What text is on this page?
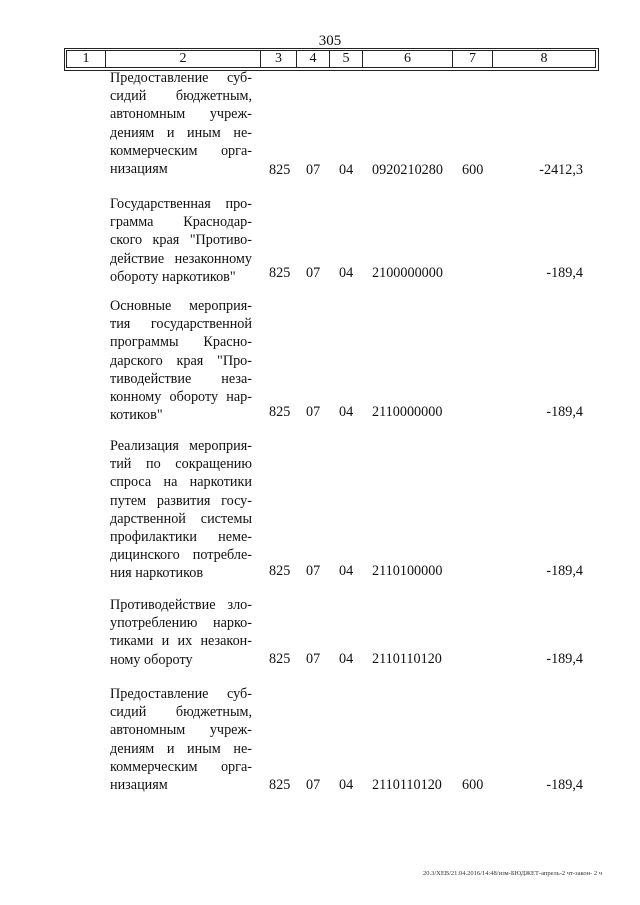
305
1	2	3	4	5	6	7	8
Предоставление суб-
сидий бюджетным,
автономным учреж-
дениям и иным не-
коммерческим орга-
низациям	825 07 04 0920210280 600	-2412,3
Государственная про-
грамма Краснодар-
ского края "Противо-
действие незаконному
обороту наркотиков"	825 07 04 2100000000	-189,4
Основные мероприя-
тия государственной
программы Красно-
дарского края "Про-
тиводействие неза-
конному обороту нар-
котиков"	825 07 04 2110000000	-189,4
Реализация мероприя-
тий по сокращению
спроса на наркотики
путем развития госу-
дарственной системы
профилактики неме-
дицинского потребле-
ния наркотиков	825 07 04 2110100000	-189,4
Противодействие зло-
употреблению нарко-
тиками и их незакон-
ному обороту	825 07 04 2110110120	-189,4
Предоставление суб-
сидий бюджетным,
автономным учреж-
дениям и иным не-
коммерческим орга-
низациям	825 07 04 2110110120 600	-189,4
20.3/ХЕВ/21.04.2016/14:48/изм-БЮДЖЕТ-апрель-2 чт-закон- 2 ч
